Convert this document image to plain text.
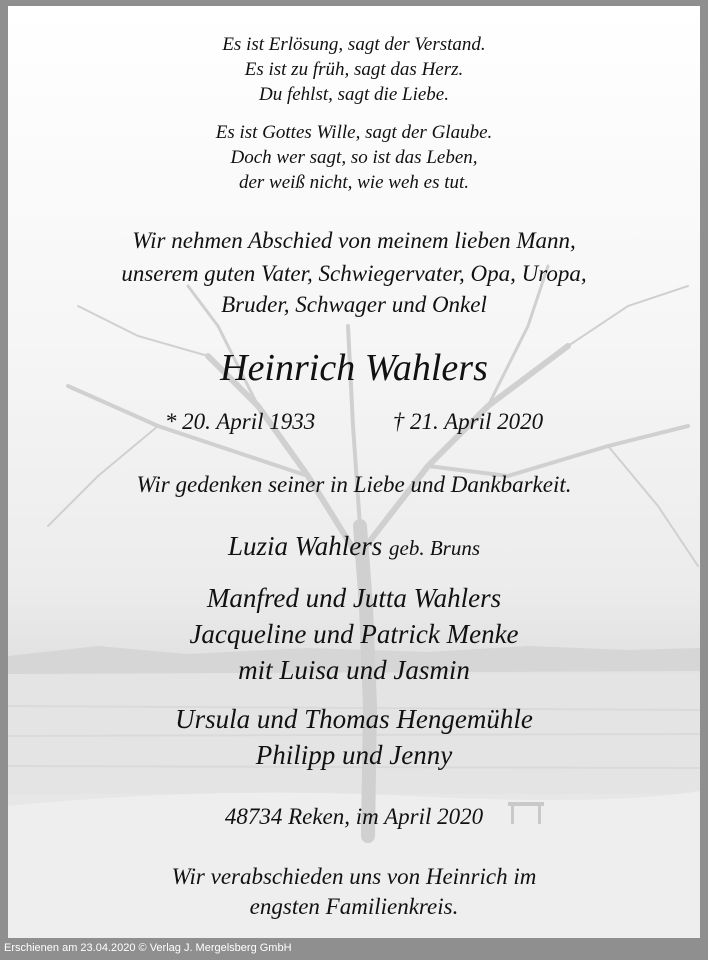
Es ist Erlösung, sagt der Verstand.
Es ist zu früh, sagt das Herz.
Du fehlst, sagt die Liebe.
Es ist Gottes Wille, sagt der Glaube.
Doch wer sagt, so ist das Leben,
der weiß nicht, wie weh es tut.
Wir nehmen Abschied von meinem lieben Mann,
unserem guten Vater, Schwiegervater, Opa, Uropa,
Bruder, Schwager und Onkel
Heinrich Wahlers
* 20. April 1933	† 21. April 2020
Wir gedenken seiner in Liebe und Dankbarkeit.
Luzia Wahlers geb. Bruns
Manfred und Jutta Wahlers
Jacqueline und Patrick Menke
mit Luisa und Jasmin
Ursula und Thomas Hengemühle
Philipp und Jenny
48734 Reken, im April 2020
Wir verabschieden uns von Heinrich im
engsten Familienkreis.
Erschienen am 23.04.2020 © Verlag J. Mergelsberg GmbH
